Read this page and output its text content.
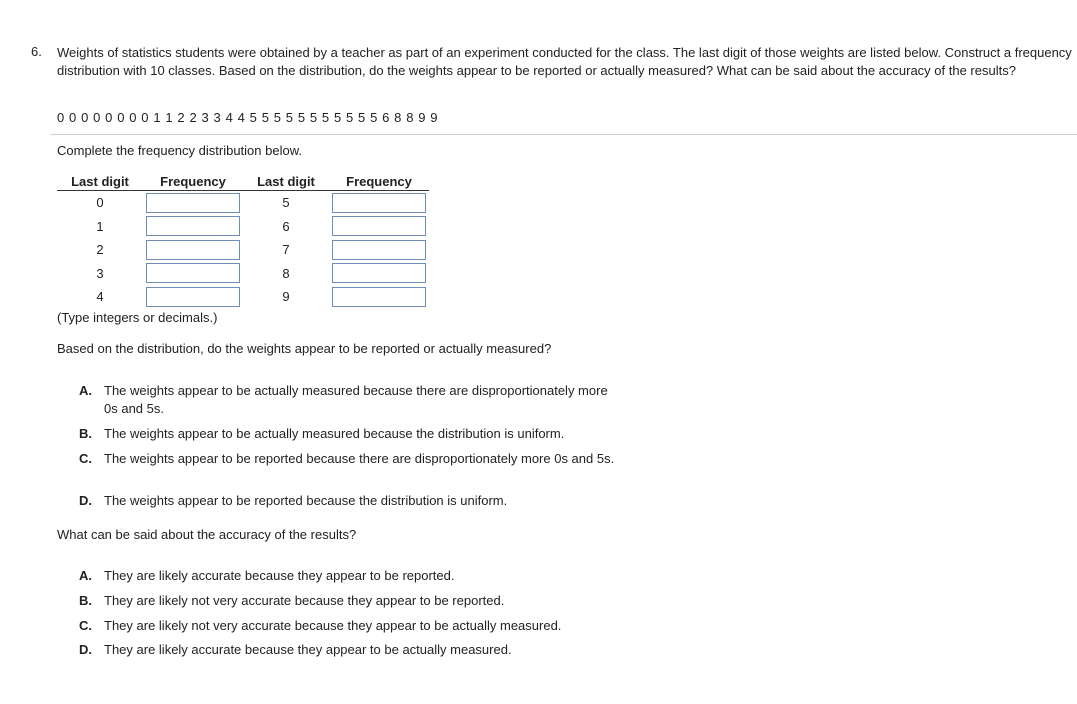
6. Weights of statistics students were obtained by a teacher as part of an experiment conducted for the class. The last digit of those weights are listed below. Construct a frequency distribution with 10 classes. Based on the distribution, do the weights appear to be reported or actually measured? What can be said about the accuracy of the results?
0 0 0 0 0 0 0 0 1 1 2 2 3 3 4 4 5 5 5 5 5 5 5 5 5 5 5 6 8 8 9 9
Complete the frequency distribution below.
Last digit	Frequency	Last digit	Frequency
0		5	

1		6	

2		7	

3		8	

4		9	
(Type integers or decimals.)
Based on the distribution, do the weights appear to be reported or actually measured?
A. The weights appear to be actually measured because there are disproportionately more 0s and 5s.
B. The weights appear to be actually measured because the distribution is uniform.
C. The weights appear to be reported because there are disproportionately more 0s and 5s.
D. The weights appear to be reported because the distribution is uniform.
What can be said about the accuracy of the results?
A. They are likely accurate because they appear to be reported.
B. They are likely not very accurate because they appear to be reported.
C. They are likely not very accurate because they appear to be actually measured.
D. They are likely accurate because they appear to be actually measured.
